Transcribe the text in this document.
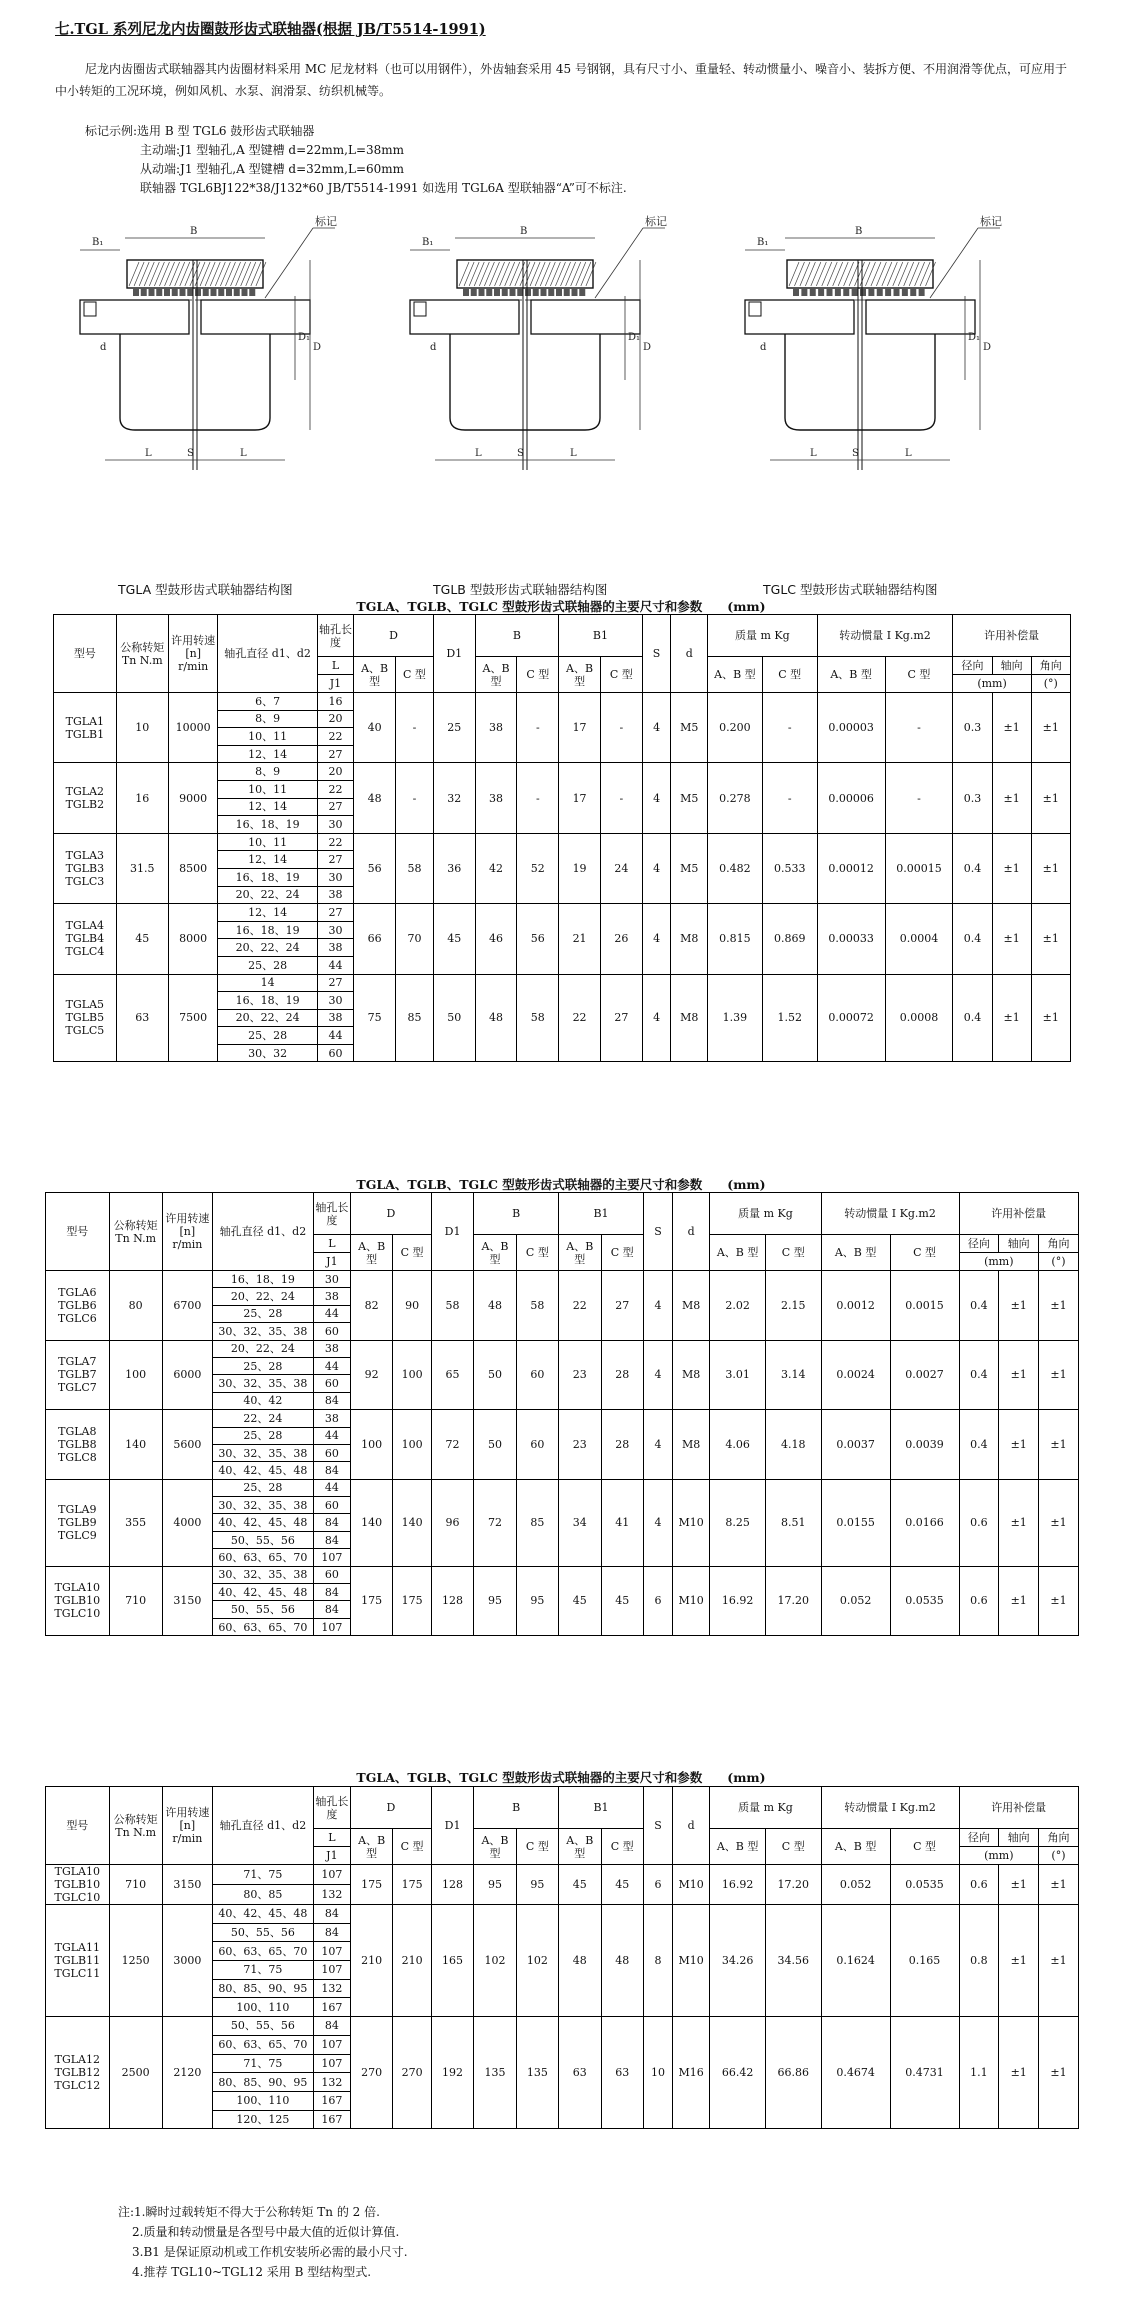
七.TGL 系列尼龙内齿圈鼓形齿式联轴器(根据 JB/T5514-1991)
尼龙内齿圈齿式联轴器其内齿圈材料采用 MC 尼龙材料（也可以用钢件），外齿轴套采用 45 号钢钢，具有尺寸小、重量轻、转动惯量小、噪音小、装拆方便、不用润滑等优点，可应用于中小转矩的工况环境，例如风机、水泵、润滑泵、纺织机械等。
标记示例:选用 B 型 TGL6 鼓形齿式联轴器
主动端:J1 型轴孔,A 型键槽 d=22mm,L=38mm
从动端:J1 型轴孔,A 型键槽 d=32mm,L=60mm
联轴器 TGL6BJ122*38/J132*60 JB/T5514-1991 如选用 TGL6A 型联轴器“A”可不标注.
B₁
B
标记
D
D₁
d
L	S	L
B₁
B
标记
D
D₁
d
L	S	L
B₁
B
标记
D
D₁
d
L	S	L
TGLA 型鼓形齿式联轴器结构图	TGLB 型鼓形齿式联轴器结构图	TGLC 型鼓形齿式联轴器结构图
TGLA、TGLB、TGLC 型鼓形齿式联轴器的主要尺寸和参数　　(mm)
型号	公称转矩 Tn N.m	许用转速 [n] r/min	轴孔直径 d1、d2	轴孔长度	D		D1	B		B1		S	d	质量 m Kg		转动惯量 I Kg.m2		许用补偿量		
				L	A、B 型	C 型		A、B 型	C 型	A、B 型	C 型			A、B 型	C 型	A、B 型	C 型	径向	轴向	角向
				J1														(mm)		(°)
TGLA1 TGLB1	10	10000	6、7	16	40	-	25	38	-	17	-	4	M5	0.200	-	0.00003	-	0.3	±1	±1
			8、9	20																
			10、11	22																
			12、14	27																
TGLA2 TGLB2	16	9000	8、9	20	48	-	32	38	-	17	-	4	M5	0.278	-	0.00006	-	0.3	±1	±1
			10、11	22																
			12、14	27																
			16、18、19	30																
TGLA3 TGLB3 TGLC3	31.5	8500	10、11	22	56	58	36	42	52	19	24	4	M5	0.482	0.533	0.00012	0.00015	0.4	±1	±1
			12、14	27																
			16、18、19	30																
			20、22、24	38																
TGLA4 TGLB4 TGLC4	45	8000	12、14	27	66	70	45	46	56	21	26	4	M8	0.815	0.869	0.00033	0.0004	0.4	±1	±1
			16、18、19	30																
			20、22、24	38																
			25、28	44																
TGLA5 TGLB5 TGLC5	63	7500	14	27	75	85	50	48	58	22	27	4	M8	1.39	1.52	0.00072	0.0008	0.4	±1	±1
			16、18、19	30																
			20、22、24	38																
			25、28	44																
			30、32	60																
TGLA、TGLB、TGLC 型鼓形齿式联轴器的主要尺寸和参数　　(mm)
型号	公称转矩 Tn N.m	许用转速 [n] r/min	轴孔直径 d1、d2	轴孔长度	D		D1	B		B1		S	d	质量 m Kg		转动惯量 I Kg.m2		许用补偿量		
				L	A、B 型	C 型		A、B 型	C 型	A、B 型	C 型			A、B 型	C 型	A、B 型	C 型	径向	轴向	角向
				J1														(mm)		(°)
TGLA6 TGLB6 TGLC6	80	6700	16、18、19	30	82	90	58	48	58	22	27	4	M8	2.02	2.15	0.0012	0.0015	0.4	±1	±1
			20、22、24	38																
			25、28	44																
			30、32、35、38	60																
TGLA7 TGLB7 TGLC7	100	6000	20、22、24	38	92	100	65	50	60	23	28	4	M8	3.01	3.14	0.0024	0.0027	0.4	±1	±1
			25、28	44																
			30、32、35、38	60																
			40、42	84																
TGLA8 TGLB8 TGLC8	140	5600	22、24	38	100	100	72	50	60	23	28	4	M8	4.06	4.18	0.0037	0.0039	0.4	±1	±1
			25、28	44																
			30、32、35、38	60																
			40、42、45、48	84																
TGLA9 TGLB9 TGLC9	355	4000	25、28	44	140	140	96	72	85	34	41	4	M10	8.25	8.51	0.0155	0.0166	0.6	±1	±1
			30、32、35、38	60																
			40、42、45、48	84																
			50、55、56	84																
			60、63、65、70	107																
TGLA10 TGLB10 TGLC10	710	3150	30、32、35、38	60	175	175	128	95	95	45	45	6	M10	16.92	17.20	0.052	0.0535	0.6	±1	±1
			40、42、45、48	84																
			50、55、56	84																
			60、63、65、70	107																
TGLA、TGLB、TGLC 型鼓形齿式联轴器的主要尺寸和参数　　(mm)
型号	公称转矩 Tn N.m	许用转速 [n] r/min	轴孔直径 d1、d2	轴孔长度	D		D1	B		B1		S	d	质量 m Kg		转动惯量 I Kg.m2		许用补偿量		
				L	A、B 型	C 型		A、B 型	C 型	A、B 型	C 型			A、B 型	C 型	A、B 型	C 型	径向	轴向	角向
				J1														(mm)		(°)
TGLA10 TGLB10 TGLC10	710	3150	71、75	107	175	175	128	95	95	45	45	6	M10	16.92	17.20	0.052	0.0535	0.6	±1	±1
			80、85	132																
TGLA11 TGLB11 TGLC11	1250	3000	40、42、45、48	84	210	210	165	102	102	48	48	8	M10	34.26	34.56	0.1624	0.165	0.8	±1	±1
			50、55、56	84																
			60、63、65、70	107																
			71、75	107																
			80、85、90、95	132																
			100、110	167																
TGLA12 TGLB12 TGLC12	2500	2120	50、55、56	84	270	270	192	135	135	63	63	10	M16	66.42	66.86	0.4674	0.4731	1.1	±1	±1
			60、63、65、70	107																
			71、75	107																
			80、85、90、95	132																
			100、110	167																
			120、125	167																
注:1.瞬时过载转矩不得大于公称转矩 Tn 的 2 倍.
2.质量和转动惯量是各型号中最大值的近似计算值.
3.B1 是保证原动机或工作机安装所必需的最小尺寸.
4.推荐 TGL10~TGL12 采用 B 型结构型式.
